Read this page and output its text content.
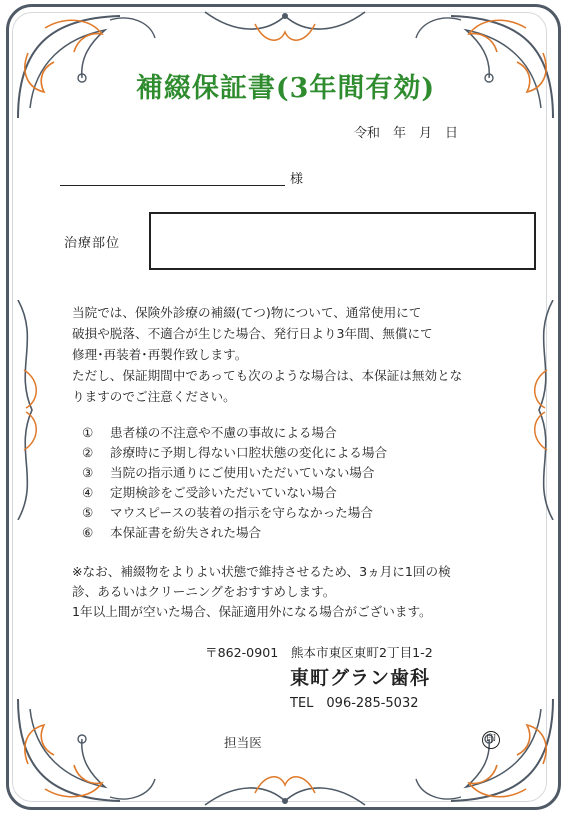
補綴保証書(3年間有効)
令和　年　月　日
様
治療部位
当院では、保険外診療の補綴(てつ)物について、通常使用にて
破損や脱落、不適合が生じた場合、発行日より3年間、無償にて
修理･再装着･再製作致します。
ただし、保証期間中であっても次のような場合は、本保証は無効とな
りますのでご注意ください。
①	患者様の不注意や不慮の事故による場合
②	診療時に予期し得ない口腔状態の変化による場合
③	当院の指示通りにご使用いただいていない場合
④	定期検診をご受診いただいていない場合
⑤	マウスピースの装着の指示を守らなかった場合
⑥	本保証書を紛失された場合
※なお、補綴物をよりよい状態で維持させるため、3ヵ月に1回の検
診、あるいはクリーニングをおすすめします。
1年以上間が空いた場合、保証適用外になる場合がございます。
〒862-0901　熊本市東区東町2丁目1-2
東町グラン歯科
TEL　096-285-5032
担当医	印
